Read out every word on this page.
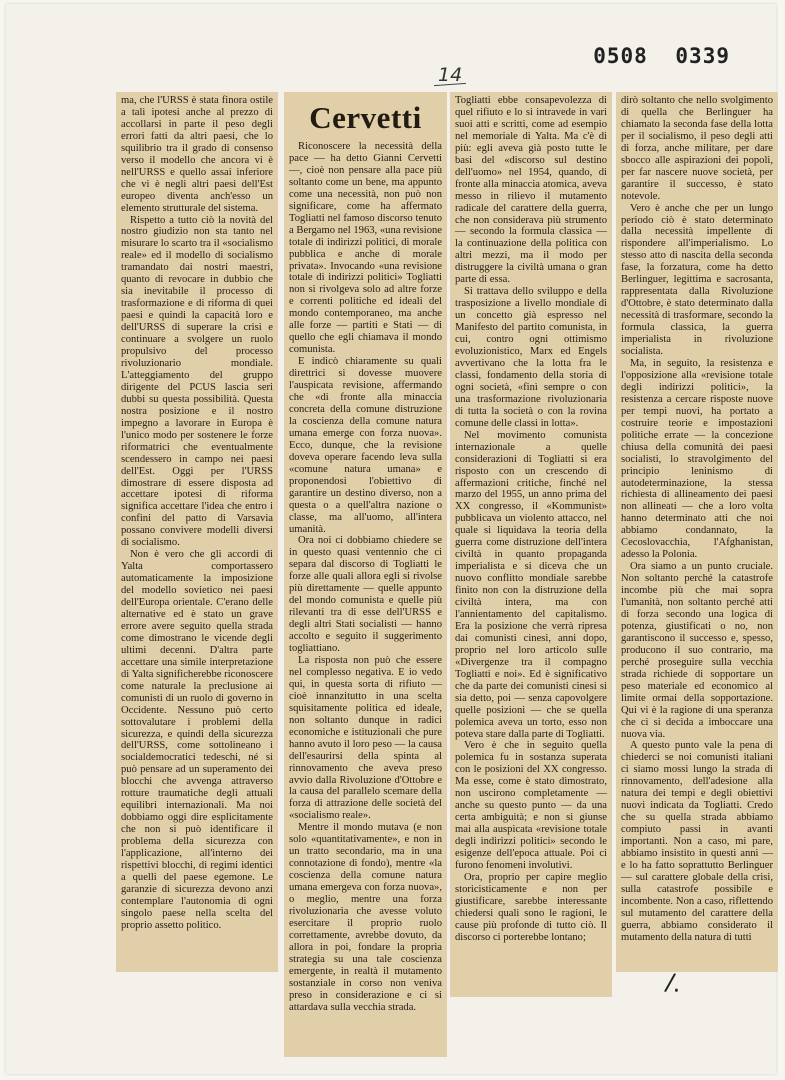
0508 0339
14

ma, che l'URSS è stata finora ostile a tali ipotesi anche al prezzo di accollarsi in parte il peso degli errori fatti da altri paesi, che lo squilibrio tra il grado di consenso verso il modello che ancora vi è nell'URSS e quello assai inferiore che vi è negli altri paesi dell'Est europeo diventa anch'esso un elemento strutturale del sistema.

Rispetto a tutto ciò la novità del nostro giudizio non sta tanto nel misurare lo scarto tra il «socialismo reale» ed il modello di socialismo tramandato dai nostri maestri, quanto di revocare in dubbio che sia inevitabile il processo di trasformazione e di riforma di quei paesi e quindi la capacità loro e dell'URSS di superare la crisi e continuare a svolgere un ruolo propulsivo del processo rivoluzionario mondiale. L'atteggiamento del gruppo dirigente del PCUS lascia seri dubbi su questa possibilità. Questa nostra posizione e il nostro impegno a lavorare in Europa è l'unico modo per sostenere le forze riformatrici che eventualmente scendessero in campo nei paesi dell'Est. Oggi per l'URSS dimostrare di essere disposta ad accettare ipotesi di riforma significa accettare l'idea che entro i confini del patto di Varsavia possano convivere modelli diversi di socialismo.

Non è vero che gli accordi di Yalta comportassero automaticamente la imposizione del modello sovietico nei paesi dell'Europa orientale. C'erano delle alternative ed è stato un grave errore avere seguito quella strada come dimostrano le vicende degli ultimi decenni. D'altra parte accettare una simile interpretazione di Yalta significherebbe riconoscere come naturale la preclusione ai comunisti di un ruolo di governo in Occidente. Nessuno può certo sottovalutare i problemi della sicurezza, e quindi della sicurezza dell'URSS, come sottolineano i socialdemocratici tedeschi, né si può pensare ad un superamento dei blocchi che avvenga attraverso rotture traumatiche degli attuali equilibri internazionali. Ma noi dobbiamo oggi dire esplicitamente che non si può identificare il problema della sicurezza con l'applicazione, all'interno dei rispettivi blocchi, di regimi identici a quelli del paese egemone. Le garanzie di sicurezza devono anzi contemplare l'autonomia di ogni singolo paese nella scelta del proprio assetto politico.

Cervetti

Riconoscere la necessità della pace — ha detto Gianni Cervetti —, cioè non pensare alla pace più soltanto come un bene, ma appunto come una necessità, non può non significare, come ha affermato Togliatti nel famoso discorso tenuto a Bergamo nel 1963, «una revisione totale di indirizzi politici, di morale pubblica e anche di morale privata». Invocando «una revisione totale di indirizzi politici» Togliatti non si rivolgeva solo ad altre forze e correnti politiche ed ideali del mondo contemporaneo, ma anche alle forze — partiti e Stati — di quello che egli chiamava il mondo comunista.

E indicò chiaramente su quali direttrici si dovesse muovere l'auspicata revisione, affermando che «di fronte alla minaccia concreta della comune distruzione la coscienza della comune natura umana emerge con forza nuova». Ecco, dunque, che la revisione doveva operare facendo leva sulla «comune natura umana» e proponendosi l'obiettivo di garantire un destino diverso, non a questa o a quell'altra nazione o classe, ma all'uomo, all'intera umanità.

Ora noi ci dobbiamo chiedere se in questo quasi ventennio che ci separa dal discorso di Togliatti le forze alle quali allora egli si rivolse più direttamente — quelle appunto del mondo comunista e quelle più rilevanti tra di esse dell'URSS e degli altri Stati socialisti — hanno accolto e seguito il suggerimento togliattiano.

La risposta non può che essere nel complesso negativa. E io vedo qui, in questa sorta di rifiuto — cioè innanzitutto in una scelta squisitamente politica ed ideale, non soltanto dunque in radici economiche e istituzionali che pure hanno avuto il loro peso — la causa dell'esaurirsi della spinta al rinnovamento che aveva preso avvio dalla Rivoluzione d'Ottobre e la causa del parallelo scemare della forza di attrazione delle società del «socialismo reale».

Mentre il mondo mutava (e non solo «quantitativamente», e non in un tratto secondario, ma in una connotazione di fondo), mentre «la coscienza della comune natura umana emergeva con forza nuova», o meglio, mentre una forza rivoluzionaria che avesse voluto esercitare il proprio ruolo correttamente, avrebbe dovuto, da allora in poi, fondare la propria strategia su una tale coscienza emergente, in realtà il mutamento sostanziale in corso non veniva preso in considerazione e ci si attardava sulla vecchia strada.

Togliatti ebbe consapevolezza di quel rifiuto e lo si intravede in vari suoi atti e scritti, come ad esempio nel memoriale di Yalta. Ma c'è di più: egli aveva già posto tutte le basi del «discorso sul destino dell'uomo» nel 1954, quando, di fronte alla minaccia atomica, aveva messo in rilievo il mutamento radicale del carattere della guerra, che non considerava più strumento — secondo la formula classica — la continuazione della politica con altri mezzi, ma il modo per distruggere la civiltà umana o gran parte di essa.

Si trattava dello sviluppo e della trasposizione a livello mondiale di un concetto già espresso nel Manifesto del partito comunista, in cui, contro ogni ottimismo evoluzionistico, Marx ed Engels avvertivano che la lotta fra le classi, fondamento della storia di ogni società, «finì sempre o con una trasformazione rivoluzionaria di tutta la società o con la rovina comune delle classi in lotta».

Nel movimento comunista internazionale a quelle considerazioni di Togliatti si era risposto con un crescendo di affermazioni critiche, finché nel marzo del 1955, un anno prima del XX congresso, il «Kommunist» pubblicava un violento attacco, nel quale si liquidava la teoria della guerra come distruzione dell'intera civiltà in quanto propaganda imperialista e si diceva che un nuovo conflitto mondiale sarebbe finito non con la distruzione della civiltà intera, ma con l'annientamento del capitalismo. Era la posizione che verrà ripresa dai comunisti cinesi, anni dopo, proprio nel loro articolo sulle «Divergenze tra il compagno Togliatti e noi». Ed è significativo che da parte dei comunisti cinesi si sia detto, poi — senza capovolgere quelle posizioni — che se quella polemica aveva un torto, esso non poteva stare dalla parte di Togliatti.

Vero è che in seguito quella polemica fu in sostanza superata con le posizioni del XX congresso. Ma esse, come è stato dimostrato, non uscirono completamente — anche su questo punto — da una certa ambiguità; e non si giunse mai alla auspicata «revisione totale degli indirizzi politici» secondo le esigenze dell'epoca attuale. Poi ci furono fenomeni involutivi.

Ora, proprio per capire meglio storicisticamente e non per giustificare, sarebbe interessante chiedersi quali sono le ragioni, le cause più profonde di tutto ciò. Il discorso ci porterebbe lontano;

dirò soltanto che nello svolgimento di quella che Berlinguer ha chiamato la seconda fase della lotta per il socialismo, il peso degli atti di forza, anche militare, per dare sbocco alle aspirazioni dei popoli, per far nascere nuove società, per garantire il successo, è stato notevole.

Vero è anche che per un lungo periodo ciò è stato determinato dalla necessità impellente di rispondere all'imperialismo. Lo stesso atto di nascita della seconda fase, la forzatura, come ha detto Berlinguer, legittima e sacrosanta, rappresentata dalla Rivoluzione d'Ottobre, è stato determinato dalla necessità di trasformare, secondo la formula classica, la guerra imperialista in rivoluzione socialista.

Ma, in seguito, la resistenza e l'opposizione alla «revisione totale degli indirizzi politici», la resistenza a cercare risposte nuove per tempi nuovi, ha portato a costruire teorie e impostazioni politiche errate — la concezione chiusa della comunità dei paesi socialisti, lo stravolgimento del principio leninismo di autodeterminazione, la stessa richiesta di allineamento dei paesi non allineati — che a loro volta hanno determinato atti che noi abbiamo condannato, la Cecoslovacchia, l'Afghanistan, adesso la Polonia.

Ora siamo a un punto cruciale. Non soltanto perché la catastrofe incombe più che mai sopra l'umanità, non soltanto perché atti di forza secondo una logica di potenza, giustificati o no, non garantiscono il successo e, spesso, producono il suo contrario, ma perché proseguire sulla vecchia strada richiede di sopportare un peso materiale ed economico al limite ormai della sopportazione. Qui vi è la ragione di una speranza che ci si decida a imboccare una nuova via.

A questo punto vale la pena di chiederci se noi comunisti italiani ci siamo mossi lungo la strada di rinnovamento, dell'adesione alla natura dei tempi e degli obiettivi nuovi indicata da Togliatti. Credo che su quella strada abbiamo compiuto passi in avanti importanti. Non a caso, mi pare, abbiamo insistito in questi anni — e lo ha fatto soprattutto Berlinguer — sul carattere globale della crisi, sulla catastrofe possibile e incombente. Non a caso, riflettendo sul mutamento del carattere della guerra, abbiamo considerato il mutamento della natura di tutti

/.
